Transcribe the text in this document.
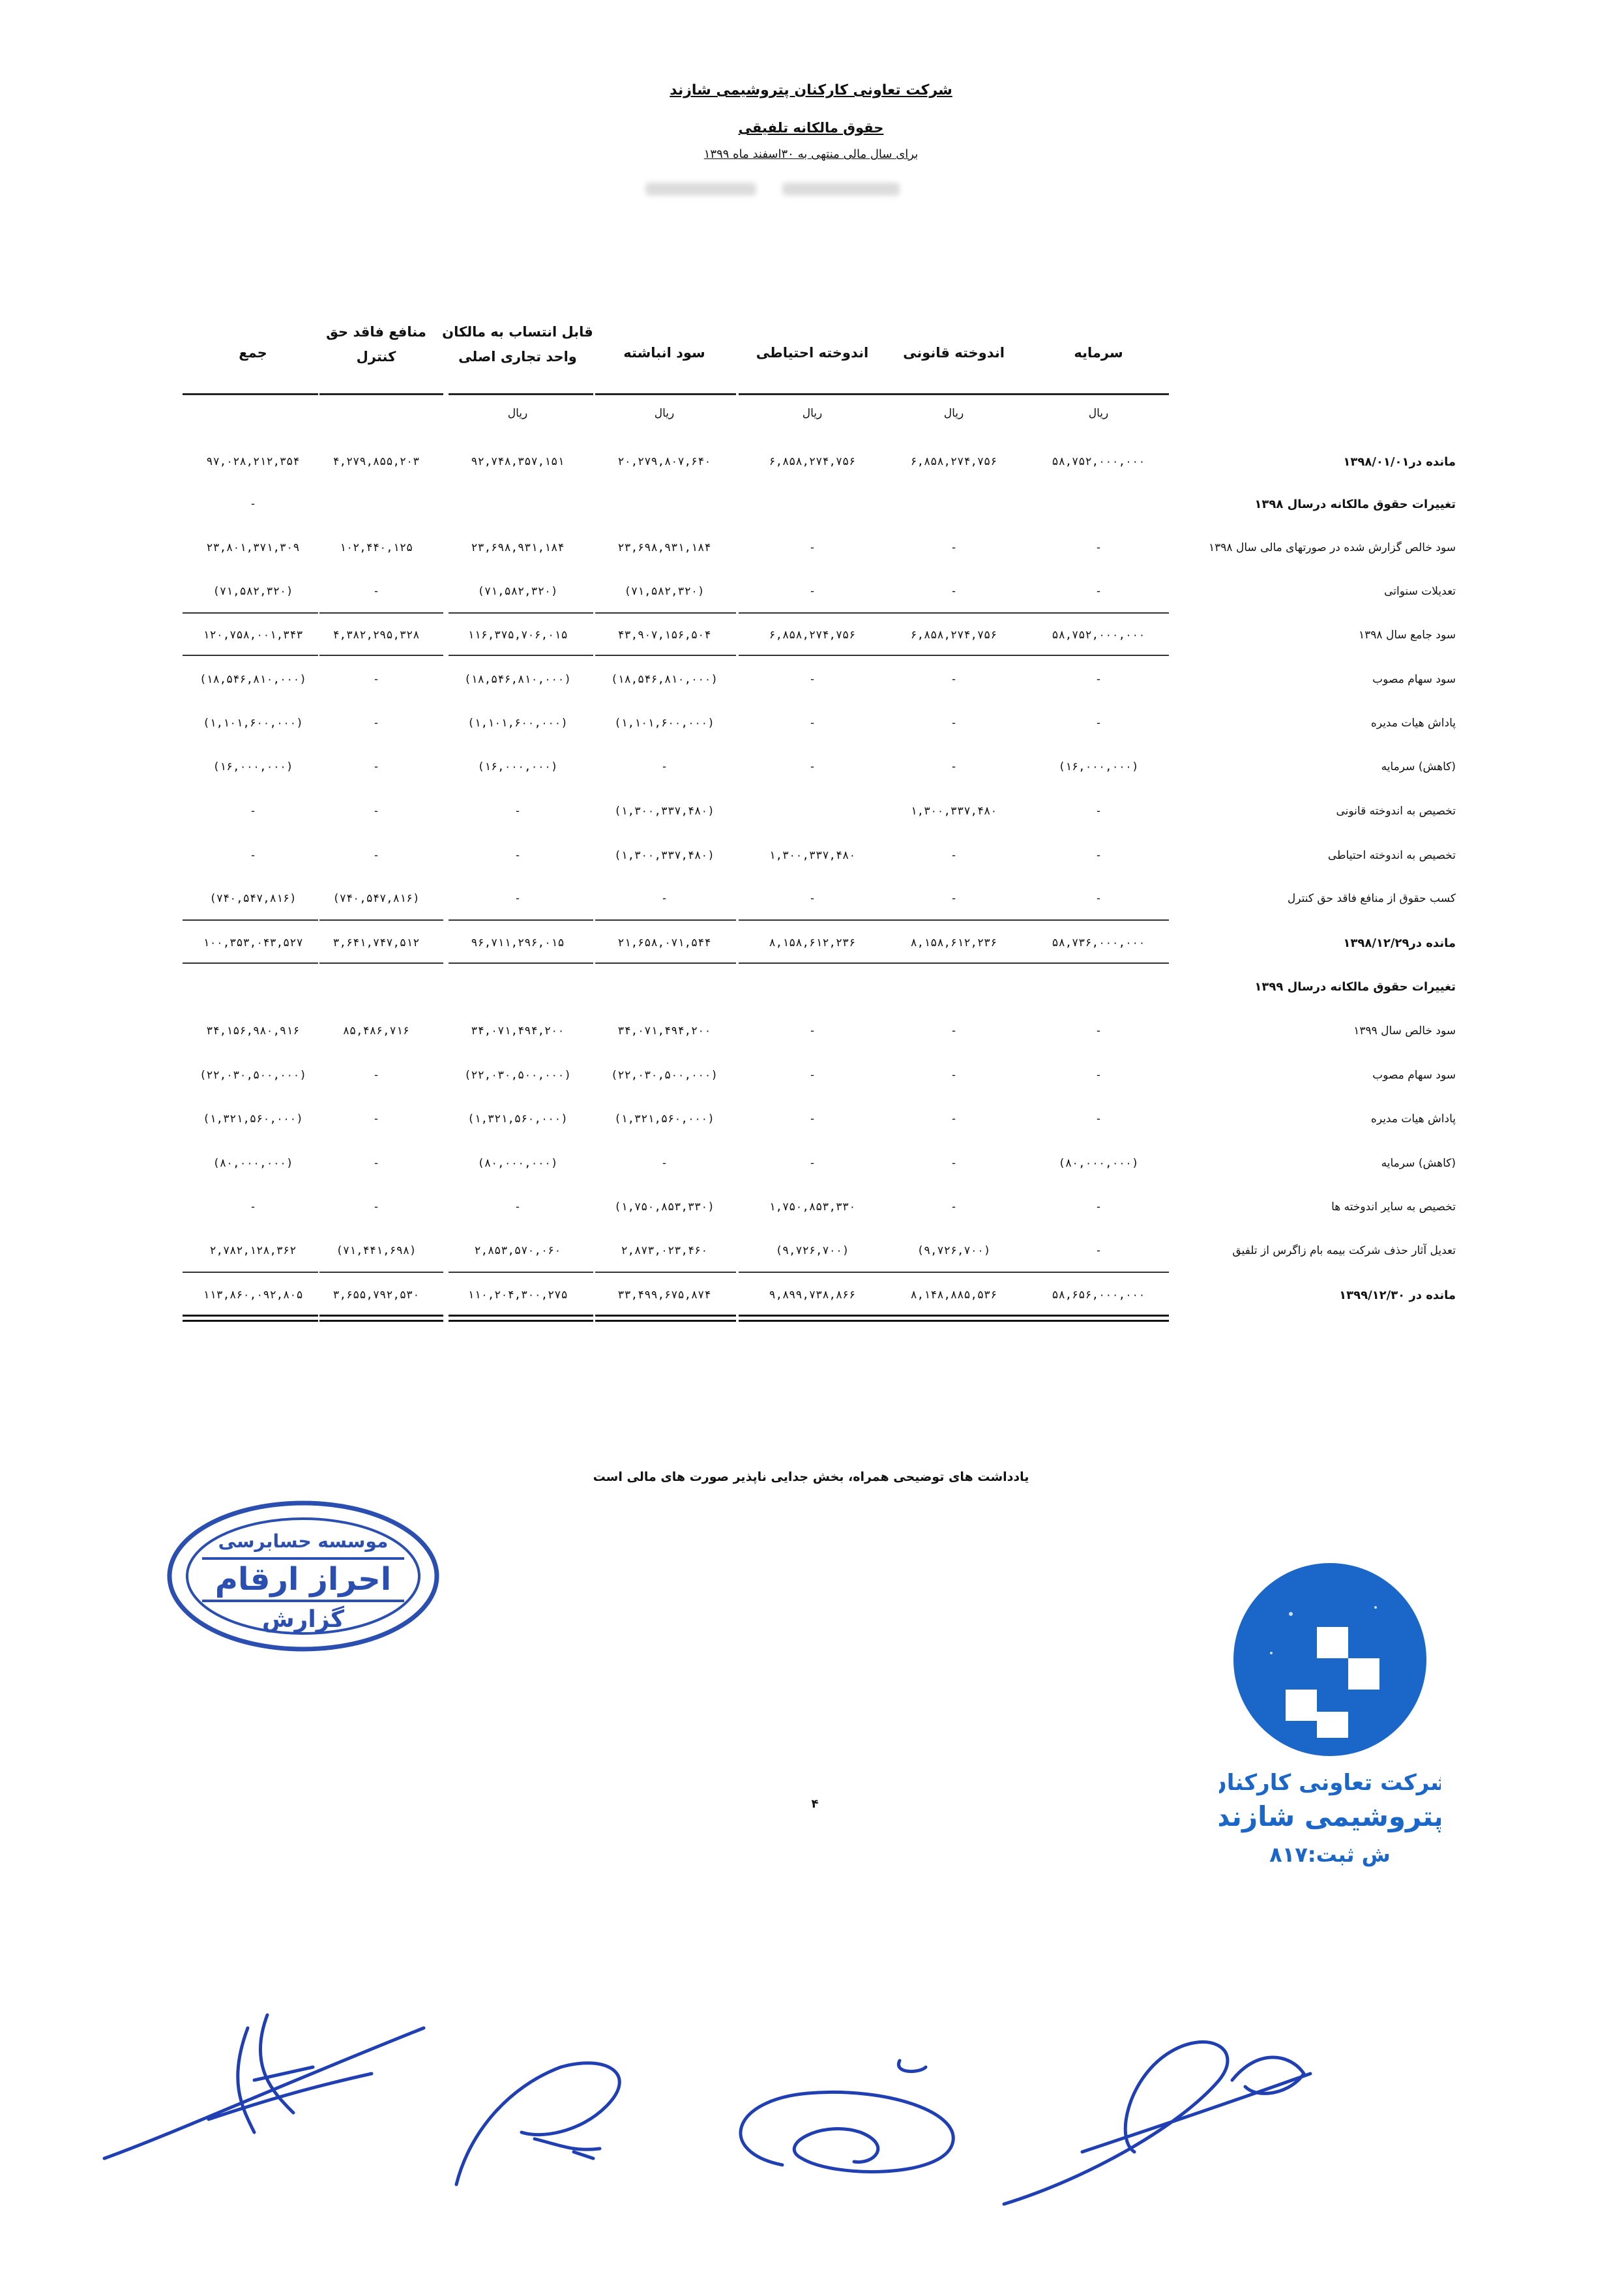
شرکت تعاونی کارکنان پتروشیمی شازند
حقوق مالکانه تلفیقی
برای سال مالی منتهی به ۳۰اسفند ماه ۱۳۹۹
سرمایه
ریال
اندوخته قانونی
ریال
اندوخته احتیاطی
ریال
سود انباشته
ریال
قابل انتساب به مالکان
واحد تجاری اصلی
ریال
منافع فاقد حق
کنترل
جمع
مانده در۱۳۹۸/۰۱/۰۱
۵۸,۷۵۲,۰۰۰,۰۰۰
۶,۸۵۸,۲۷۴,۷۵۶
۶,۸۵۸,۲۷۴,۷۵۶
۲۰,۲۷۹,۸۰۷,۶۴۰
۹۲,۷۴۸,۳۵۷,۱۵۱
۴,۲۷۹,۸۵۵,۲۰۳
۹۷,۰۲۸,۲۱۲,۳۵۴
تغییرات حقوق مالکانه درسال ۱۳۹۸
-
سود خالص گزارش شده در صورتهای مالی سال ۱۳۹۸
-
-
-
۲۳,۶۹۸,۹۳۱,۱۸۴
۲۳,۶۹۸,۹۳۱,۱۸۴
۱۰۲,۴۴۰,۱۲۵
۲۳,۸۰۱,۳۷۱,۳۰۹
تعدیلات سنواتی
-
-
-
(۷۱,۵۸۲,۳۲۰)
(۷۱,۵۸۲,۳۲۰)
-
(۷۱,۵۸۲,۳۲۰)
سود جامع سال ۱۳۹۸
۵۸,۷۵۲,۰۰۰,۰۰۰
۶,۸۵۸,۲۷۴,۷۵۶
۶,۸۵۸,۲۷۴,۷۵۶
۴۳,۹۰۷,۱۵۶,۵۰۴
۱۱۶,۳۷۵,۷۰۶,۰۱۵
۴,۳۸۲,۲۹۵,۳۲۸
۱۲۰,۷۵۸,۰۰۱,۳۴۳
سود سهام مصوب
-
-
-
(۱۸,۵۴۶,۸۱۰,۰۰۰)
(۱۸,۵۴۶,۸۱۰,۰۰۰)
-
(۱۸,۵۴۶,۸۱۰,۰۰۰)
پاداش هیات مدیره
-
-
-
(۱,۱۰۱,۶۰۰,۰۰۰)
(۱,۱۰۱,۶۰۰,۰۰۰)
-
(۱,۱۰۱,۶۰۰,۰۰۰)
(کاهش) سرمایه
(۱۶,۰۰۰,۰۰۰)
-
-
-
(۱۶,۰۰۰,۰۰۰)
-
(۱۶,۰۰۰,۰۰۰)
تخصیص به اندوخته قانونی
-
۱,۳۰۰,۳۳۷,۴۸۰
(۱,۳۰۰,۳۳۷,۴۸۰)
-
-
-
تخصیص به اندوخته احتیاطی
-
-
۱,۳۰۰,۳۳۷,۴۸۰
(۱,۳۰۰,۳۳۷,۴۸۰)
-
-
-
کسب حقوق از منافع فاقد حق کنترل
-
-
-
-
-
(۷۴۰,۵۴۷,۸۱۶)
(۷۴۰,۵۴۷,۸۱۶)
مانده در۱۳۹۸/۱۲/۲۹
۵۸,۷۳۶,۰۰۰,۰۰۰
۸,۱۵۸,۶۱۲,۲۳۶
۸,۱۵۸,۶۱۲,۲۳۶
۲۱,۶۵۸,۰۷۱,۵۴۴
۹۶,۷۱۱,۲۹۶,۰۱۵
۳,۶۴۱,۷۴۷,۵۱۲
۱۰۰,۳۵۳,۰۴۳,۵۲۷
تغییرات حقوق مالکانه درسال ۱۳۹۹
سود خالص سال ۱۳۹۹
-
-
-
۳۴,۰۷۱,۴۹۴,۲۰۰
۳۴,۰۷۱,۴۹۴,۲۰۰
۸۵,۴۸۶,۷۱۶
۳۴,۱۵۶,۹۸۰,۹۱۶
سود سهام مصوب
-
-
-
(۲۲,۰۳۰,۵۰۰,۰۰۰)
(۲۲,۰۳۰,۵۰۰,۰۰۰)
-
(۲۲,۰۳۰,۵۰۰,۰۰۰)
پاداش هیات مدیره
-
-
-
(۱,۳۲۱,۵۶۰,۰۰۰)
(۱,۳۲۱,۵۶۰,۰۰۰)
-
(۱,۳۲۱,۵۶۰,۰۰۰)
(کاهش) سرمایه
(۸۰,۰۰۰,۰۰۰)
-
-
-
(۸۰,۰۰۰,۰۰۰)
-
(۸۰,۰۰۰,۰۰۰)
تخصیص به سایر اندوخته ها
-
-
۱,۷۵۰,۸۵۳,۳۳۰
(۱,۷۵۰,۸۵۳,۳۳۰)
-
-
-
تعدیل آثار حذف شرکت بیمه بام زاگرس از تلفیق
-
(۹,۷۲۶,۷۰۰)
(۹,۷۲۶,۷۰۰)
۲,۸۷۳,۰۲۳,۴۶۰
۲,۸۵۳,۵۷۰,۰۶۰
(۷۱,۴۴۱,۶۹۸)
۲,۷۸۲,۱۲۸,۳۶۲
مانده در ۱۳۹۹/۱۲/۳۰
۵۸,۶۵۶,۰۰۰,۰۰۰
۸,۱۴۸,۸۸۵,۵۳۶
۹,۸۹۹,۷۳۸,۸۶۶
۳۳,۴۹۹,۶۷۵,۸۷۴
۱۱۰,۲۰۴,۳۰۰,۲۷۵
۳,۶۵۵,۷۹۲,۵۳۰
۱۱۳,۸۶۰,۰۹۲,۸۰۵
یادداشت های توضیحی همراه، بخش جدایی ناپذیر صورت های مالی است
۴
موسسه حسابرسی
احراز ارقام
گزارش
شرکت تعاونی کارکنان
پتروشیمی شازند
ش ثبت:۸۱۷
